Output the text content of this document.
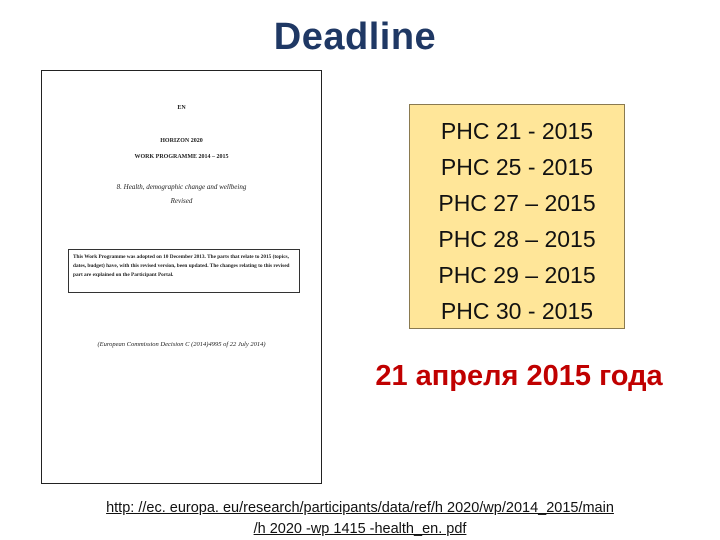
Deadline
EN
HORIZON 2020
WORK PROGRAMME 2014 – 2015
8. Health, demographic change and wellbeing
Revised
This Work Programme was adopted on 10 December 2013. The parts that relate to 2015 (topics, dates, budget) have, with this revised version, been updated. The changes relating to this revised part are explained on the Participant Portal.
(European Commission Decision C (2014)4995 of 22 July 2014)
PHC 21 - 2015
PHC 25 - 2015
PHC 27 – 2015
PHC 28 – 2015
PHC 29 – 2015
PHC 30 - 2015
21 апреля 2015 года
http: //ec. europa. eu/research/participants/data/ref/h 2020/wp/2014_2015/main
/h 2020 -wp 1415 -health_en. pdf
